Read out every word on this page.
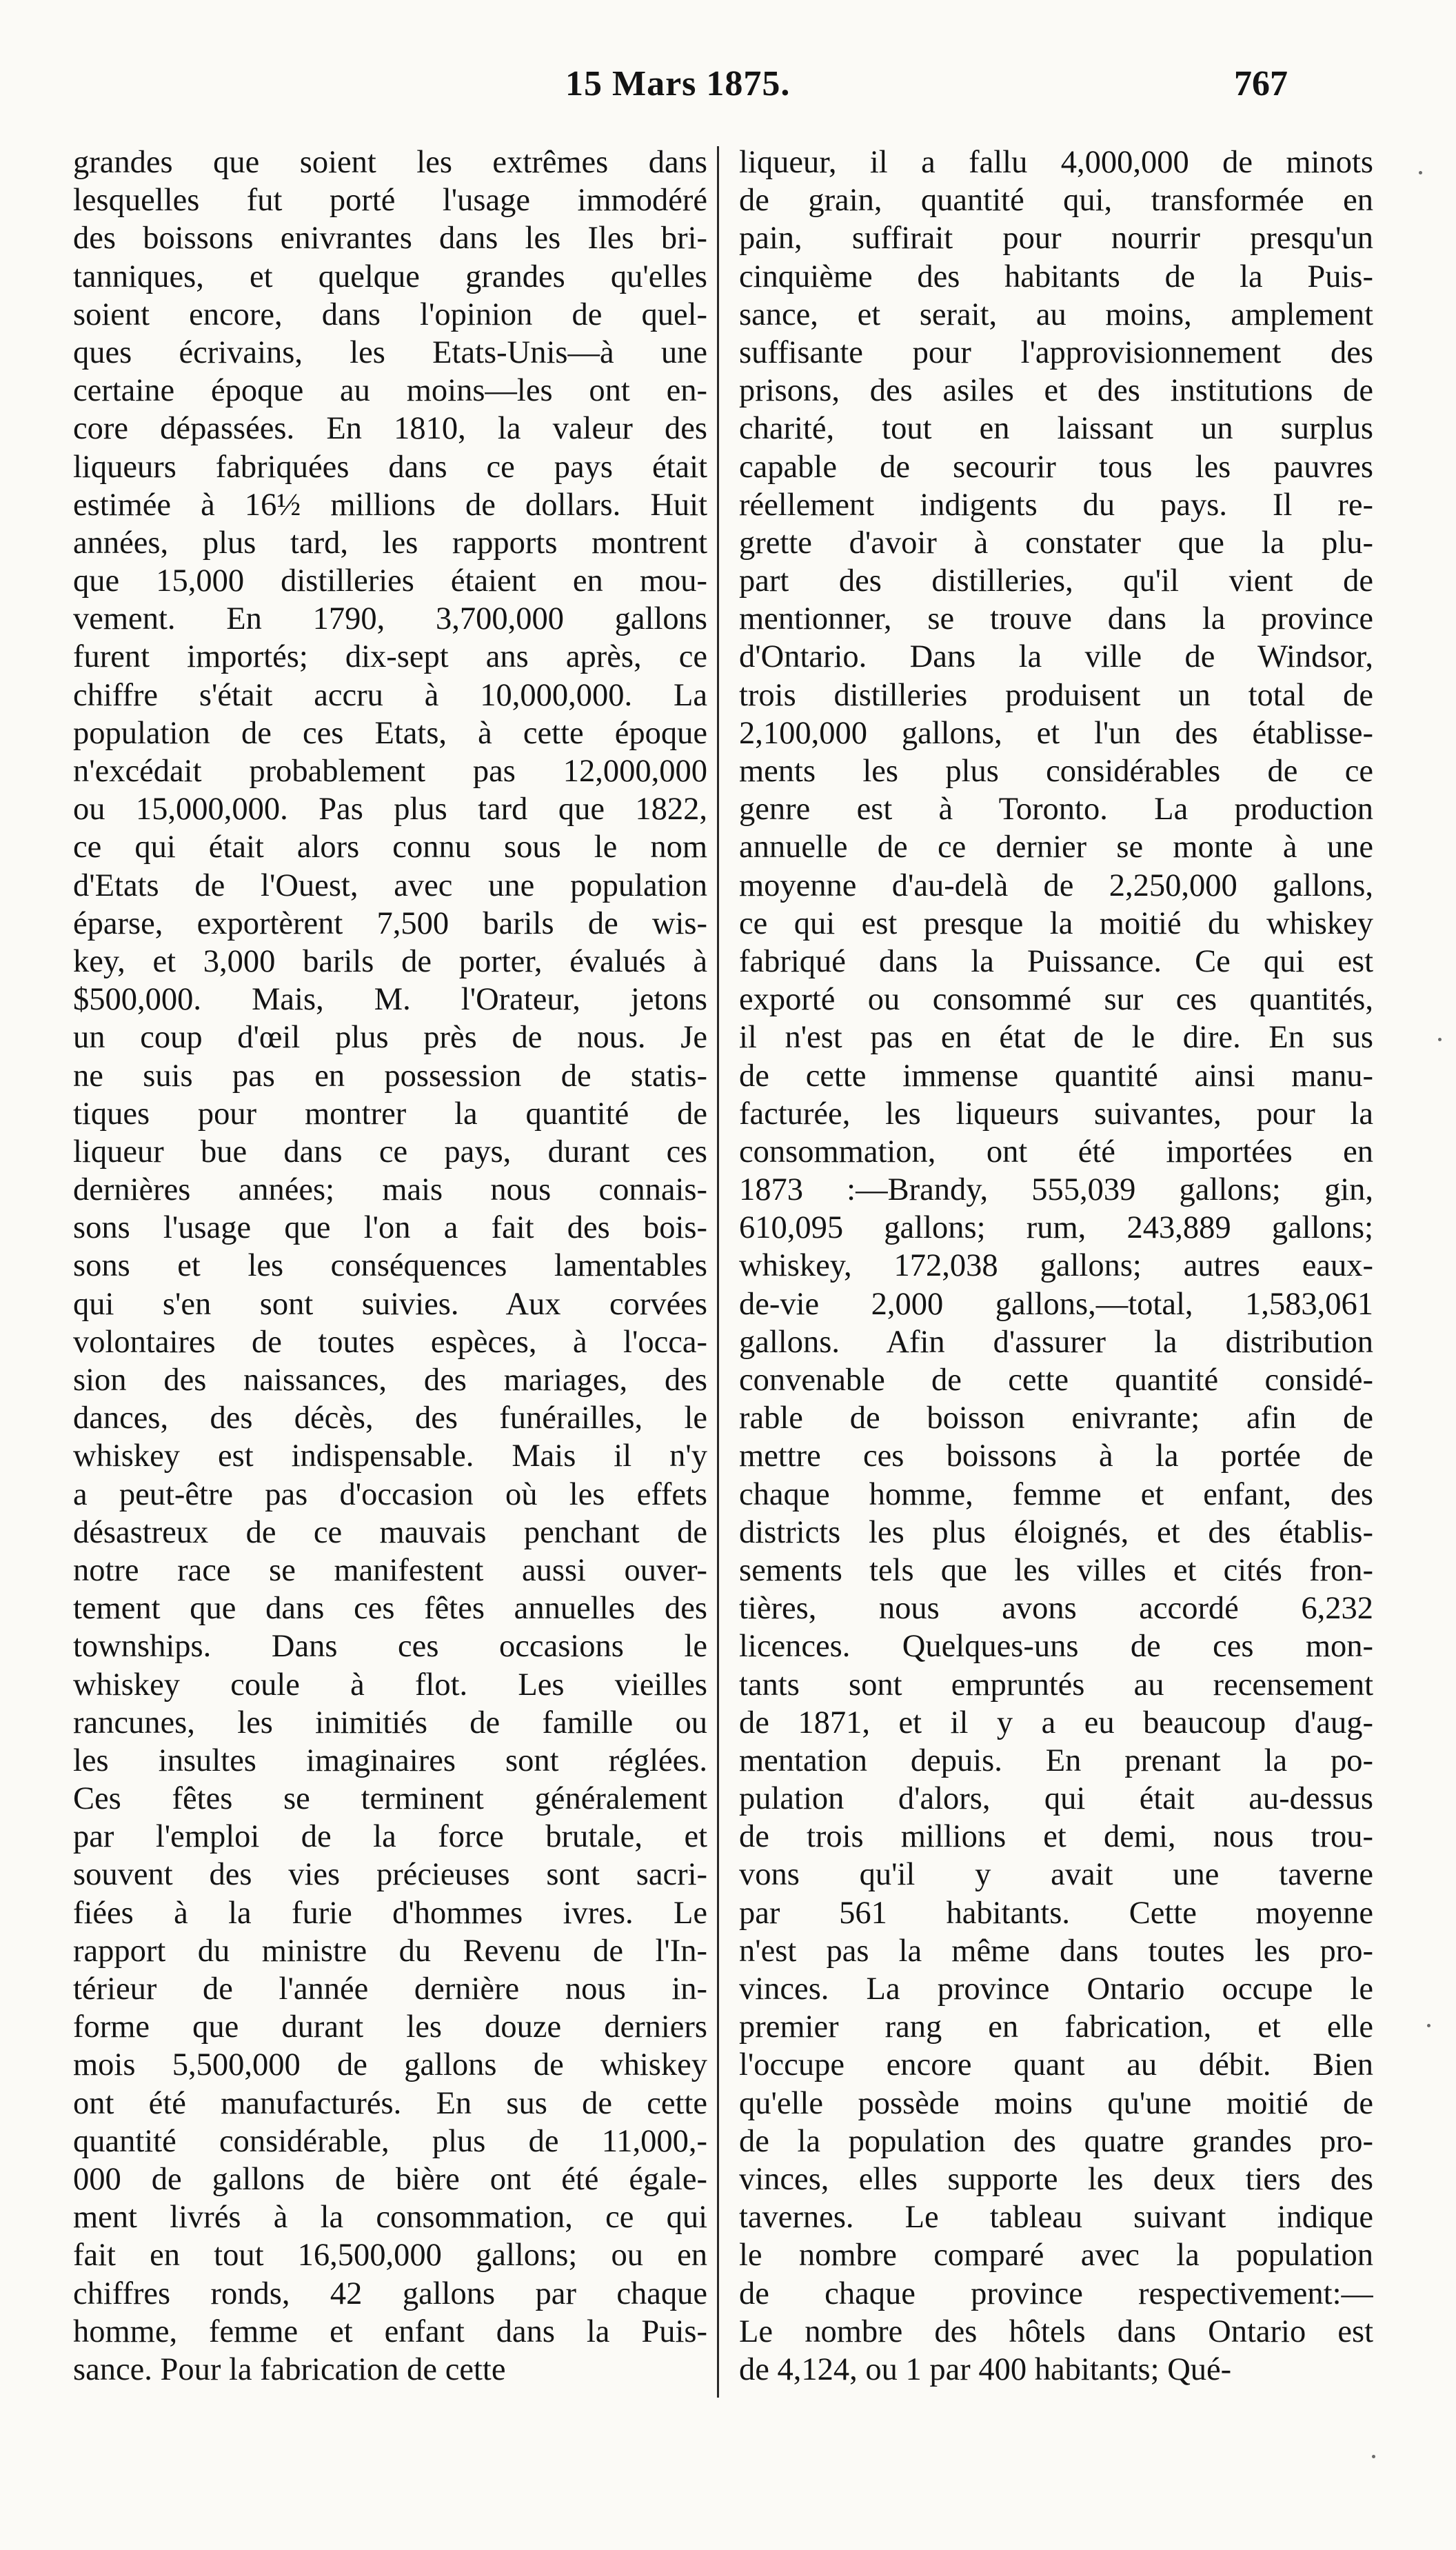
15 Mars 1875.	767
grandes que soient les extrêmes dans
lesquelles fut porté l'usage immodéré
des boissons enivrantes dans les Iles bri-
tanniques, et quelque grandes qu'elles
soient encore, dans l'opinion de quel-
ques écrivains, les Etats-Unis—à une
certaine époque au moins—les ont en-
core dépassées. En 1810, la valeur des
liqueurs fabriquées dans ce pays était
estimée à 16½ millions de dollars. Huit
années, plus tard, les rapports montrent
que 15,000 distilleries étaient en mou-
vement. En 1790, 3,700,000 gallons
furent importés; dix-sept ans après, ce
chiffre s'était accru à 10,000,000. La
population de ces Etats, à cette époque
n'excédait probablement pas 12,000,000
ou 15,000,000. Pas plus tard que 1822,
ce qui était alors connu sous le nom
d'Etats de l'Ouest, avec une population
éparse, exportèrent 7,500 barils de wis-
key, et 3,000 barils de porter, évalués à
$500,000. Mais, M. l'Orateur, jetons
un coup d'œil plus près de nous. Je
ne suis pas en possession de statis-
tiques pour montrer la quantité de
liqueur bue dans ce pays, durant ces
dernières années; mais nous connais-
sons l'usage que l'on a fait des bois-
sons et les conséquences lamentables
qui s'en sont suivies. Aux corvées
volontaires de toutes espèces, à l'occa-
sion des naissances, des mariages, des
dances, des décès, des funérailles, le
whiskey est indispensable. Mais il n'y
a peut-être pas d'occasion où les effets
désastreux de ce mauvais penchant de
notre race se manifestent aussi ouver-
tement que dans ces fêtes annuelles des
townships. Dans ces occasions le
whiskey coule à flot. Les vieilles
rancunes, les inimitiés de famille ou
les insultes imaginaires sont réglées.
Ces fêtes se terminent généralement
par l'emploi de la force brutale, et
souvent des vies précieuses sont sacri-
fiées à la furie d'hommes ivres. Le
rapport du ministre du Revenu de l'In-
térieur de l'année dernière nous in-
forme que durant les douze derniers
mois 5,500,000 de gallons de whiskey
ont été manufacturés. En sus de cette
quantité considérable, plus de 11,000,-
000 de gallons de bière ont été égale-
ment livrés à la consommation, ce qui
fait en tout 16,500,000 gallons; ou en
chiffres ronds, 42 gallons par chaque
homme, femme et enfant dans la Puis-
sance. Pour la fabrication de cette
liqueur, il a fallu 4,000,000 de minots
de grain, quantité qui, transformée en
pain, suffirait pour nourrir presqu'un
cinquième des habitants de la Puis-
sance, et serait, au moins, amplement
suffisante pour l'approvisionnement des
prisons, des asiles et des institutions de
charité, tout en laissant un surplus
capable de secourir tous les pauvres
réellement indigents du pays. Il re-
grette d'avoir à constater que la plu-
part des distilleries, qu'il vient de
mentionner, se trouve dans la province
d'Ontario. Dans la ville de Windsor,
trois distilleries produisent un total de
2,100,000 gallons, et l'un des établisse-
ments les plus considérables de ce
genre est à Toronto. La production
annuelle de ce dernier se monte à une
moyenne d'au-delà de 2,250,000 gallons,
ce qui est presque la moitié du whiskey
fabriqué dans la Puissance. Ce qui est
exporté ou consommé sur ces quantités,
il n'est pas en état de le dire. En sus
de cette immense quantité ainsi manu-
facturée, les liqueurs suivantes, pour la
consommation, ont été importées en
1873 :—Brandy, 555,039 gallons; gin,
610,095 gallons; rum, 243,889 gallons;
whiskey, 172,038 gallons; autres eaux-
de-vie 2,000 gallons,—total, 1,583,061
gallons. Afin d'assurer la distribution
convenable de cette quantité considé-
rable de boisson enivrante; afin de
mettre ces boissons à la portée de
chaque homme, femme et enfant, des
districts les plus éloignés, et des établis-
sements tels que les villes et cités fron-
tières, nous avons accordé 6,232
licences. Quelques-uns de ces mon-
tants sont empruntés au recensement
de 1871, et il y a eu beaucoup d'aug-
mentation depuis. En prenant la po-
pulation d'alors, qui était au-dessus
de trois millions et demi, nous trou-
vons qu'il y avait une taverne
par 561 habitants. Cette moyenne
n'est pas la même dans toutes les pro-
vinces. La province Ontario occupe le
premier rang en fabrication, et elle
l'occupe encore quant au débit. Bien
qu'elle possède moins qu'une moitié de
de la population des quatre grandes pro-
vinces, elles supporte les deux tiers des
tavernes. Le tableau suivant indique
le nombre comparé avec la population
de chaque province respectivement:—
Le nombre des hôtels dans Ontario est
de 4,124, ou 1 par 400 habitants; Qué-
